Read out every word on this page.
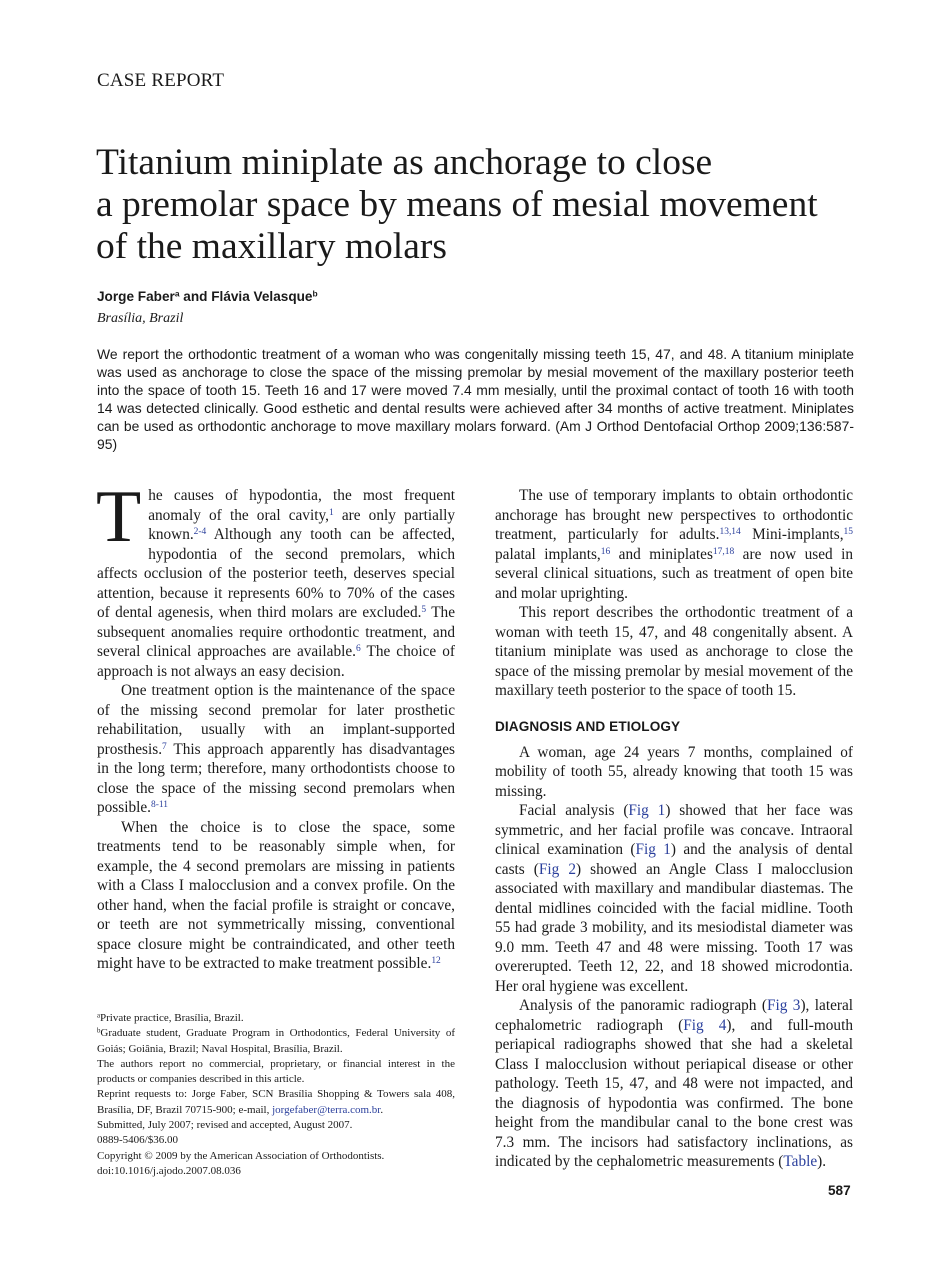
CASE REPORT
Titanium miniplate as anchorage to close
a premolar space by means of mesial movement
of the maxillary molars
Jorge Faber$^a$ and Flávia Velasque$^b$
Brasília, Brazil

We report the orthodontic treatment of a woman who was congenitally missing teeth 15, 47, and 48. A titanium miniplate was used as anchorage to close the space of the missing premolar by mesial movement of the maxillary posterior teeth into the space of tooth 15. Teeth 16 and 17 were moved 7.4 mm mesially, until the proximal contact of tooth 16 with tooth 14 was detected clinically. Good esthetic and dental results were achieved after 34 months of active treatment. Miniplates can be used as orthodontic anchorage to move maxillary molars forward. (Am J Orthod Dentofacial Orthop 2009;136:587-95)

The causes of hypodontia, the most frequent anomaly of the oral cavity,$^1$ are only partially known.$^{2-4}$ Although any tooth can be affected, hypodontia of the second premolars, which affects occlusion of the posterior teeth, deserves special attention, because it represents 60% to 70% of the cases of dental agenesis, when third molars are excluded.$^5$ The subsequent anomalies require orthodontic treatment, and several clinical approaches are available.$^6$ The choice of approach is not always an easy decision.

One treatment option is the maintenance of the space of the missing second premolar for later prosthetic rehabilitation, usually with an implant-supported prosthesis.$^7$ This approach apparently has disadvantages in the long term; therefore, many orthodontists choose to close the space of the missing second premolars when possible.$^{8-11}$

When the choice is to close the space, some treatments tend to be reasonably simple when, for example, the 4 second premolars are missing in patients with a Class I malocclusion and a convex profile. On the other hand, when the facial profile is straight or concave, or teeth are not symmetrically missing, conventional space closure might be contraindicated, and other teeth might have to be extracted to make treatment possible.$^{12}$

$^a$Private practice, Brasília, Brazil.
$^b$Graduate student, Graduate Program in Orthodontics, Federal University of Goiás; Goiânia, Brazil; Naval Hospital, Brasília, Brazil.
The authors report no commercial, proprietary, or financial interest in the products or companies described in this article.
Reprint requests to: Jorge Faber, SCN Brasília Shopping & Towers sala 408, Brasília, DF, Brazil 70715-900; e-mail, jorgefaber@terra.com.br.
Submitted, July 2007; revised and accepted, August 2007.
0889-5406/$36.00
Copyright © 2009 by the American Association of Orthodontists.
doi:10.1016/j.ajodo.2007.08.036

The use of temporary implants to obtain orthodontic anchorage has brought new perspectives to orthodontic treatment, particularly for adults.$^{13,14}$ Mini-implants,$^{15}$ palatal implants,$^{16}$ and miniplates$^{17,18}$ are now used in several clinical situations, such as treatment of open bite and molar uprighting.

This report describes the orthodontic treatment of a woman with teeth 15, 47, and 48 congenitally absent. A titanium miniplate was used as anchorage to close the space of the missing premolar by mesial movement of the maxillary teeth posterior to the space of tooth 15.

DIAGNOSIS AND ETIOLOGY

A woman, age 24 years 7 months, complained of mobility of tooth 55, already knowing that tooth 15 was missing.

Facial analysis (Fig 1) showed that her face was symmetric, and her facial profile was concave. Intraoral clinical examination (Fig 1) and the analysis of dental casts (Fig 2) showed an Angle Class I malocclusion associated with maxillary and mandibular diastemas. The dental midlines coincided with the facial midline. Tooth 55 had grade 3 mobility, and its mesiodistal diameter was 9.0 mm. Teeth 47 and 48 were missing. Tooth 17 was overerupted. Teeth 12, 22, and 18 showed microdontia. Her oral hygiene was excellent.

Analysis of the panoramic radiograph (Fig 3), lateral cephalometric radiograph (Fig 4), and full-mouth periapical radiographs showed that she had a skeletal Class I malocclusion without periapical disease or other pathology. Teeth 15, 47, and 48 were not impacted, and the diagnosis of hypodontia was confirmed. The bone height from the mandibular canal to the bone crest was 7.3 mm. The incisors had satisfactory inclinations, as indicated by the cephalometric measurements (Table).

587
